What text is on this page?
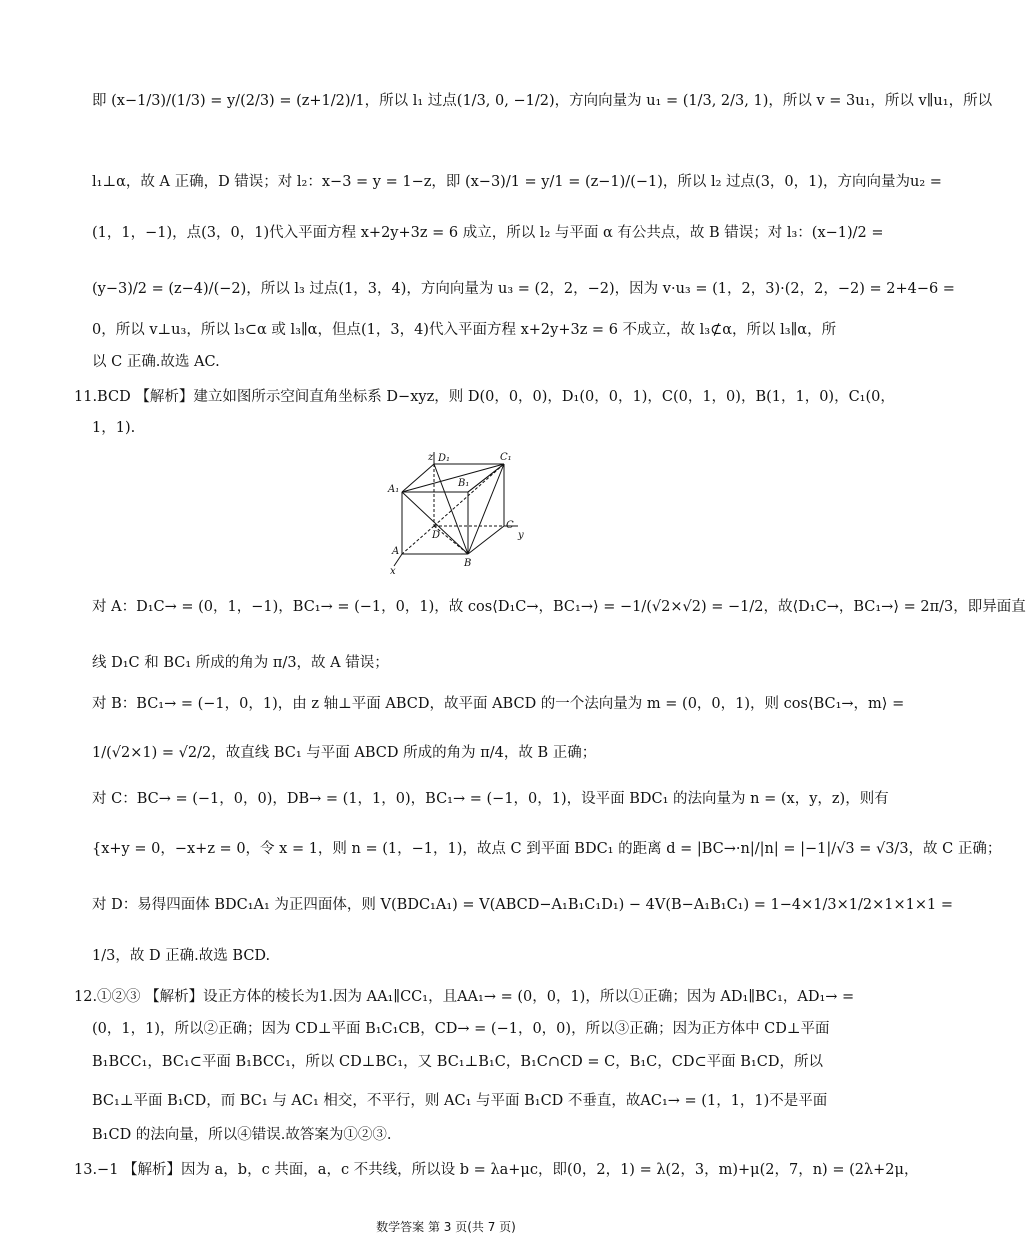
即 (x−1/3)/(1/3) = y/(2/3) = (z+1/2)/1，所以 l₁ 过点(1/3, 0, −1/2)，方向向量为 u₁ = (1/3, 2/3, 1)，所以 v = 3u₁，所以 v∥u₁，所以
l₁⊥α，故 A 正确，D 错误；对 l₂：x−3 = y = 1−z，即 (x−3)/1 = y/1 = (z−1)/(−1)，所以 l₂ 过点(3，0，1)，方向向量为u₂ =
(1，1，−1)，点(3，0，1)代入平面方程 x+2y+3z = 6 成立，所以 l₂ 与平面 α 有公共点，故 B 错误；对 l₃：(x−1)/2 =
(y−3)/2 = (z−4)/(−2)，所以 l₃ 过点(1，3，4)，方向向量为 u₃ = (2，2，−2)，因为 v·u₃ = (1，2，3)·(2，2，−2) = 2+4−6 =
0，所以 v⊥u₃，所以 l₃⊂α 或 l₃∥α，但点(1，3，4)代入平面方程 x+2y+3z = 6 不成立，故 l₃⊄α，所以 l₃∥α，所
以 C 正确.故选 AC.
11.BCD 【解析】建立如图所示空间直角坐标系 D−xyz，则 D(0，0，0)，D₁(0，0，1)，C(0，1，0)，B(1，1，0)，C₁(0，
1，1).
z D₁	C₁
A₁
B₁
C
D	y
A
B
x
对 A：D₁C→ = (0，1，−1)，BC₁→ = (−1，0，1)，故 cos⟨D₁C→，BC₁→⟩ = −1/(√2×√2) = −1/2，故⟨D₁C→，BC₁→⟩ = 2π/3，即异面直
线 D₁C 和 BC₁ 所成的角为 π/3，故 A 错误；
对 B：BC₁→ = (−1，0，1)，由 z 轴⊥平面 ABCD，故平面 ABCD 的一个法向量为 m = (0，0，1)，则 cos⟨BC₁→，m⟩ =
1/(√2×1) = √2/2，故直线 BC₁ 与平面 ABCD 所成的角为 π/4，故 B 正确；
对 C：BC→ = (−1，0，0)，DB→ = (1，1，0)，BC₁→ = (−1，0，1)，设平面 BDC₁ 的法向量为 n = (x，y，z)，则有
{x+y = 0，−x+z = 0，令 x = 1，则 n = (1，−1，1)，故点 C 到平面 BDC₁ 的距离 d = |BC→·n|/|n| = |−1|/√3 = √3/3，故 C 正确；
对 D：易得四面体 BDC₁A₁ 为正四面体，则 V(BDC₁A₁) = V(ABCD−A₁B₁C₁D₁) − 4V(B−A₁B₁C₁) = 1−4×1/3×1/2×1×1×1 =
1/3，故 D 正确.故选 BCD.
12.①②③ 【解析】设正方体的棱长为1.因为 AA₁∥CC₁，且AA₁→ = (0，0，1)，所以①正确；因为 AD₁∥BC₁，AD₁→ =
(0，1，1)，所以②正确；因为 CD⊥平面 B₁C₁CB，CD→ = (−1，0，0)，所以③正确；因为正方体中 CD⊥平面
B₁BCC₁，BC₁⊂平面 B₁BCC₁，所以 CD⊥BC₁，又 BC₁⊥B₁C，B₁C∩CD = C，B₁C，CD⊂平面 B₁CD，所以
BC₁⊥平面 B₁CD，而 BC₁ 与 AC₁ 相交，不平行，则 AC₁ 与平面 B₁CD 不垂直，故AC₁→ = (1，1，1)不是平面
B₁CD 的法向量，所以④错误.故答案为①②③.
13.−1 【解析】因为 a，b，c 共面，a，c 不共线，所以设 b = λa+μc，即(0，2，1) = λ(2，3，m)+μ(2，7，n) = (2λ+2μ，
数学答案 第 3 页(共 7 页)
